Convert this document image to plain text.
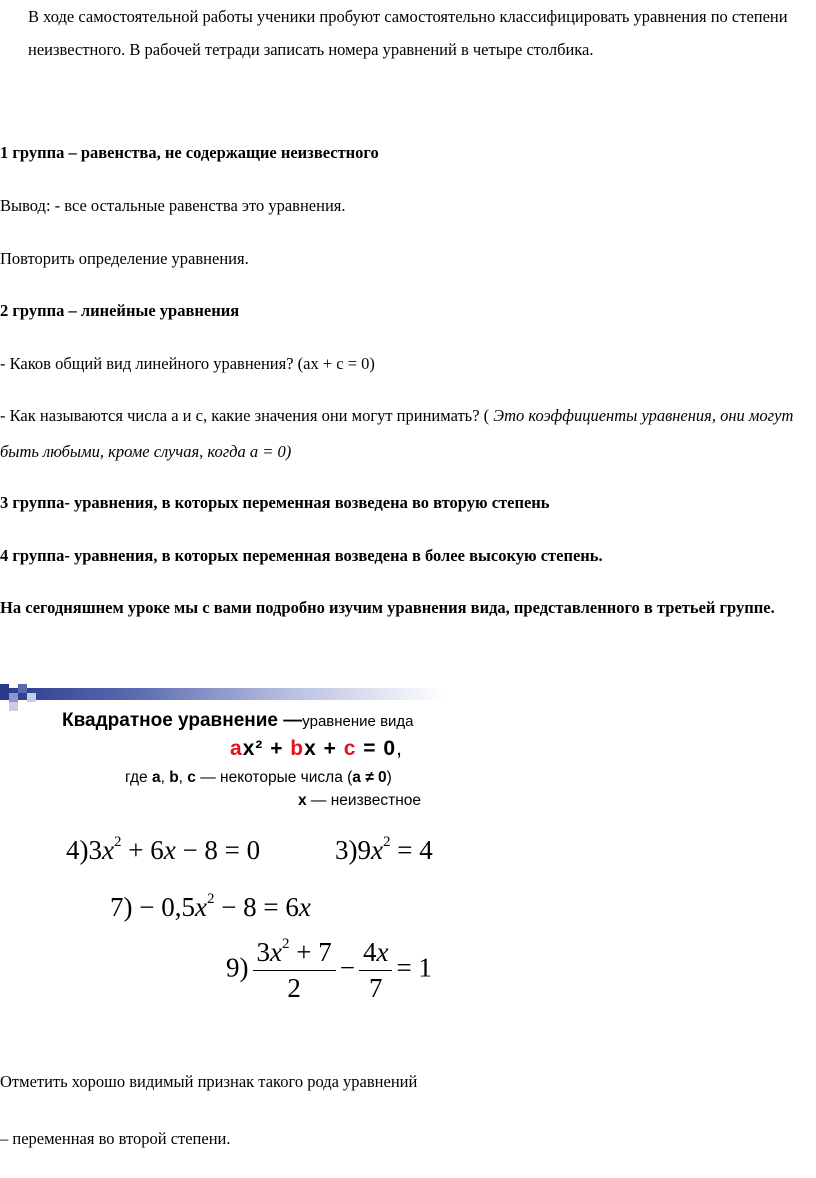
В ходе самостоятельной работы ученики пробуют самостоятельно классифицировать уравнения по степени неизвестного. В рабочей тетради записать номера уравнений в четыре столбика.

1 группа – равенства, не содержащие неизвестного

Вывод: - все остальные равенства это уравнения.

Повторить определение уравнения.

2 группа – линейные уравнения

- Каков общий вид линейного уравнения? (ах + с = 0)

- Как называются числа а и с, какие значения они могут принимать? ( Это коэффициенты уравнения, они могут быть любыми, кроме случая, когда а = 0)

3 группа- уравнения, в которых переменная возведена во вторую степень

4 группа- уравнения, в которых переменная возведена в более высокую степень.

На сегодняшнем уроке мы с вами подробно изучим уравнения вида, представленного в третьей группе.

Квадратное уравнение —уравнение вида
ax² + bx + c = 0,
где a, b, c — некоторые числа (a ≠ 0)
x — неизвестное
$4)3x^2 + 6x - 8 = 0$	$3)9x^2 = 4$
$7) - 0,5x^2 - 8 = 6x$
$9) \frac{3x^2 + 7}{2} - \frac{4x}{7} = 1$

Отметить хорошо видимый признак такого рода уравнений

– переменная во второй степени.
